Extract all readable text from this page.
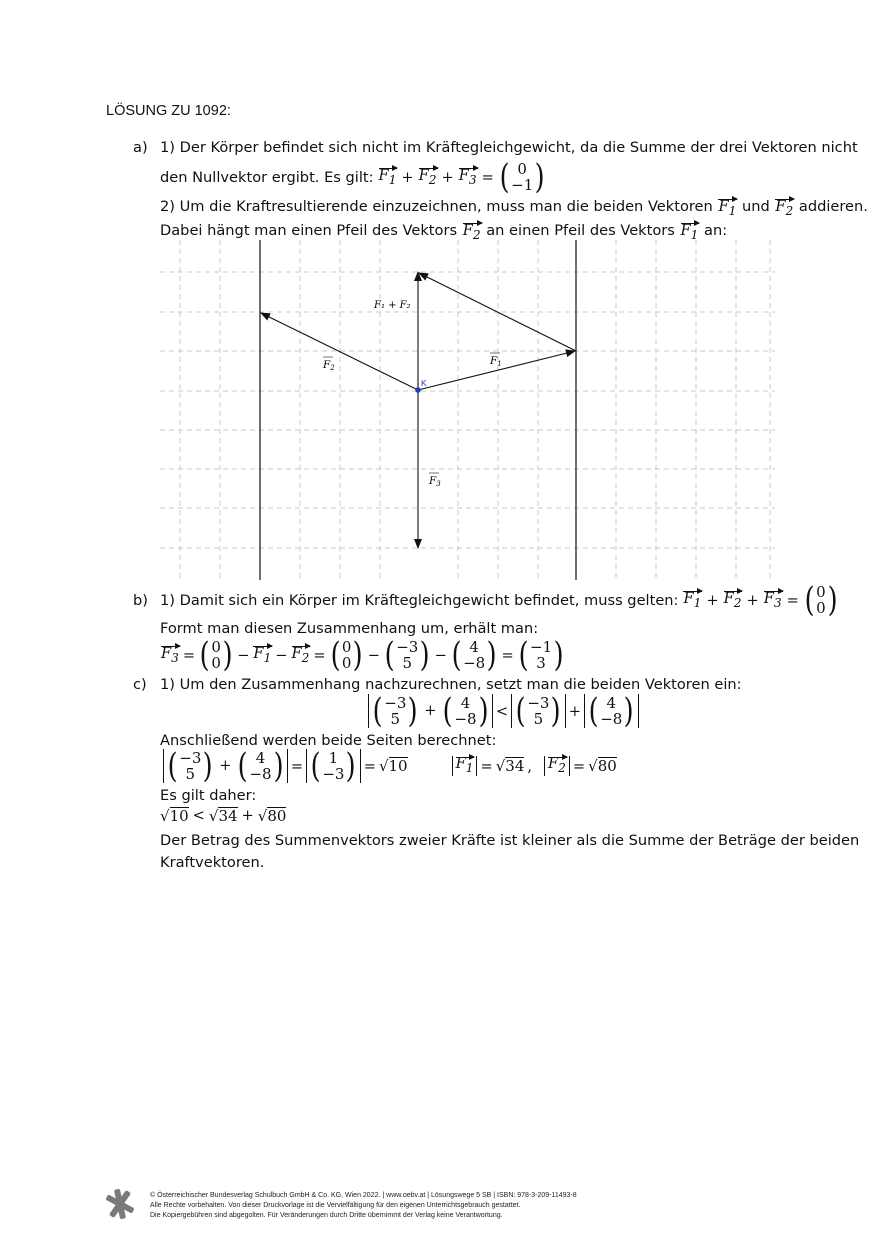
LÖSUNG ZU 1092:
a) 1) Der Körper befindet sich nicht im Kräftegleichgewicht, da die Summe der drei Vektoren nicht
den Nullvektor ergibt. Es gilt: $F_1 + F_2 + F_3$ = ( 0
−1 )
2) Um die Kraftresultierende einzuzeichnen, muss man die beiden Vektoren $F_1$ und $F_2$ addieren.
Dabei hängt man einen Pfeil des Vektors $F_2$ an einen Pfeil des Vektors $F_1$ an:
K
F1
F2
F3
F₁ + F₂
b) 1) Damit sich ein Körper im Kräftegleichgewicht befindet, muss gelten: $F_1 + F_2 + F_3$ = ( 0
0 )
Formt man diesen Zusammenhang um, erhält man:
$F_3$ = ( 0
0 ) − $F_1 - F_2$ = ( 0
0 ) − ( −3
5 ) − ( 4
−8 ) = ( −1
3 )
c) 1) Um den Zusammenhang nachzurechnen, setzt man die beiden Vektoren ein:
( −3
5 ) + ( 4
−8 ) < ( −3
5 ) + ( 4
−8 )
Anschließend werden beide Seiten berechnet:
( −3
5 ) + ( 4
−8 ) = ( 1
−3 ) = √ 10	$F_1$ = √ 34 , $F_2$ = √ 80
Es gilt daher:
√ 10 < √ 34 + √ 80
Der Betrag des Summenvektors zweier Kräfte ist kleiner als die Summe der Beträge der beiden
Kraftvektoren.
© Österreichischer Bundesverlag Schulbuch GmbH & Co. KG, Wien 2022. | www.oebv.at | Lösungswege 5 SB | ISBN: 978-3-209-11493-8
Alle Rechte vorbehalten. Von dieser Druckvorlage ist die Vervielfältigung für den eigenen Unterrichtsgebrauch gestattet.
Die Kopiergebühren sind abgegolten. Für Veränderungen durch Dritte übernimmt der Verlag keine Verantwortung.
